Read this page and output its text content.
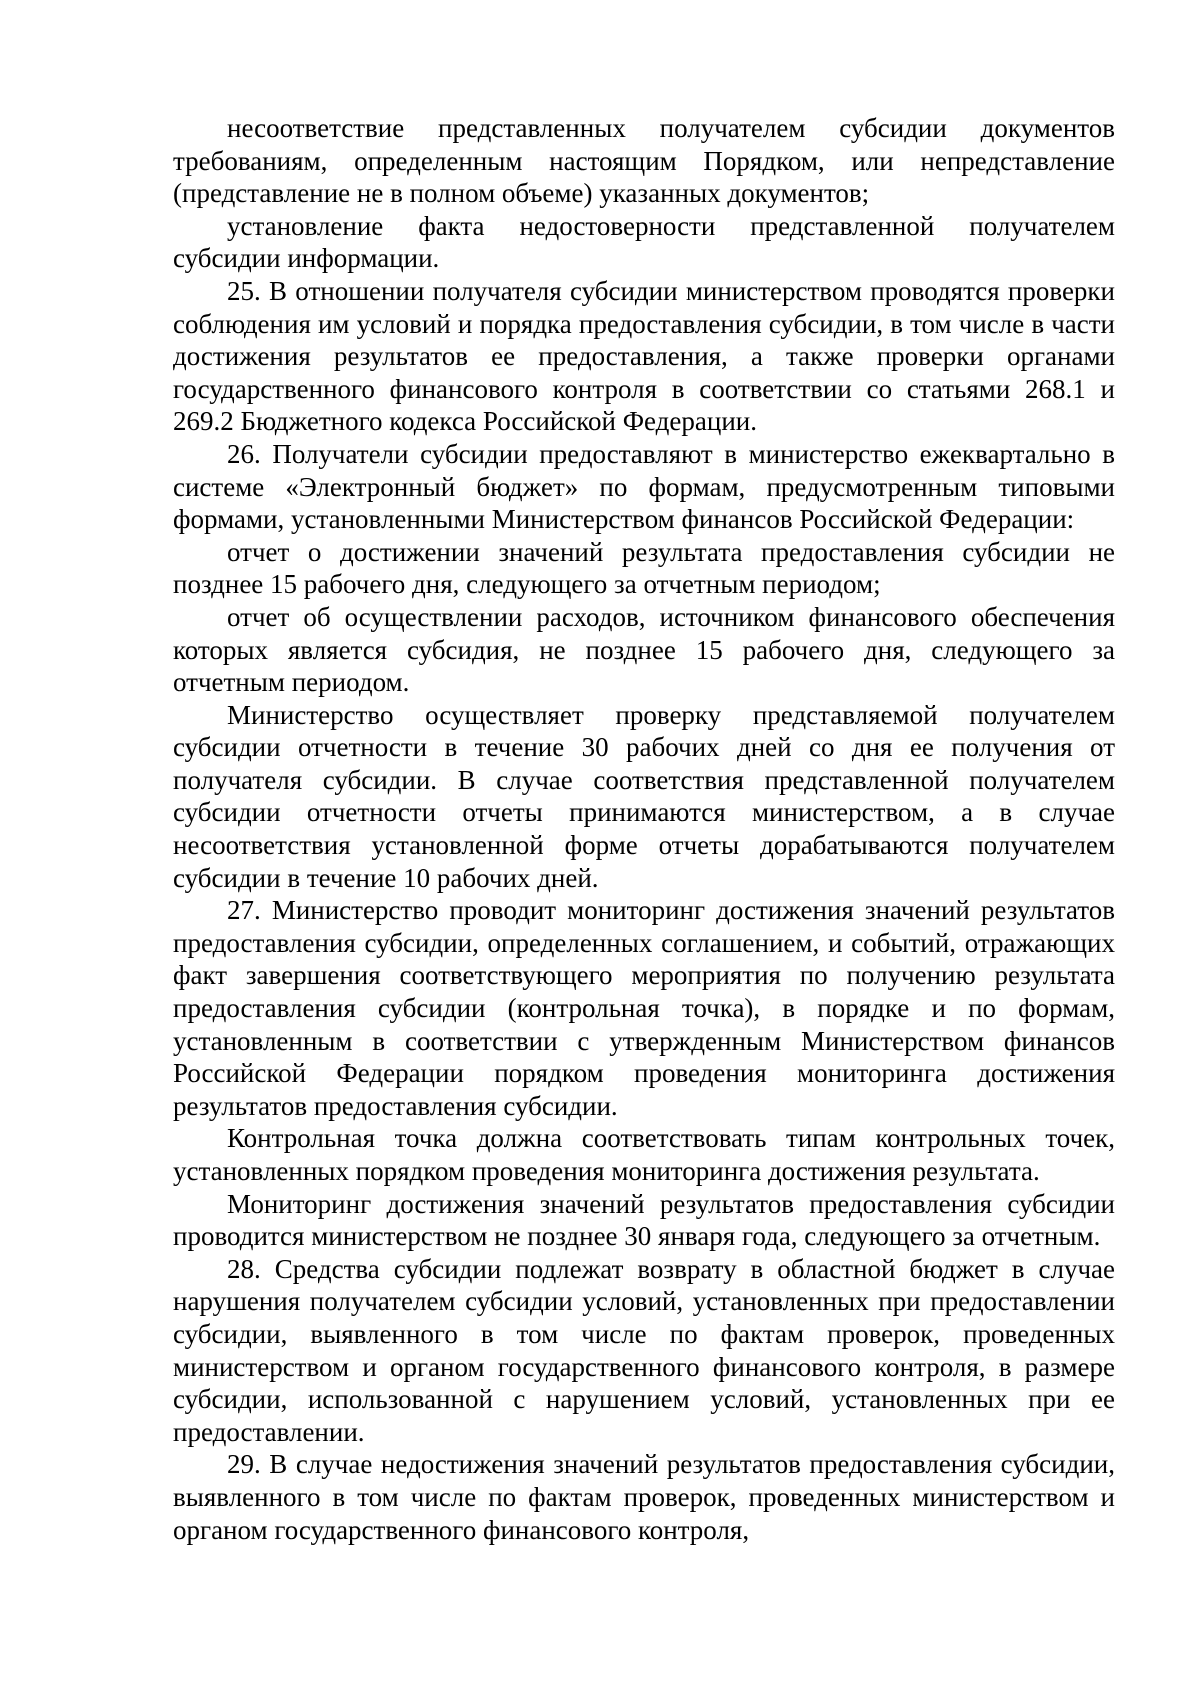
несоответствие представленных получателем субсидии документов требованиям, определенным настоящим Порядком, или непредставление (представление не в полном объеме) указанных документов;

установление факта недостоверности представленной получателем субсидии информации.

25. В отношении получателя субсидии министерством проводятся проверки соблюдения им условий и порядка предоставления субсидии, в том числе в части достижения результатов ее предоставления, а также проверки органами государственного финансового контроля в соответствии со статьями 268.1 и 269.2 Бюджетного кодекса Российской Федерации.

26. Получатели субсидии предоставляют в министерство ежеквартально в системе «Электронный бюджет» по формам, предусмотренным типовыми формами, установленными Министерством финансов Российской Федерации:

отчет о достижении значений результата предоставления субсидии не позднее 15 рабочего дня, следующего за отчетным периодом;

отчет об осуществлении расходов, источником финансового обеспечения которых является субсидия, не позднее 15 рабочего дня, следующего за отчетным периодом.

Министерство осуществляет проверку представляемой получателем субсидии отчетности в течение 30 рабочих дней со дня ее получения от получателя субсидии. В случае соответствия представленной получателем субсидии отчетности отчеты принимаются министерством, а в случае несоответствия установленной форме отчеты дорабатываются получателем субсидии в течение 10 рабочих дней.

27. Министерство проводит мониторинг достижения значений результатов предоставления субсидии, определенных соглашением, и событий, отражающих факт завершения соответствующего мероприятия по получению результата предоставления субсидии (контрольная точка), в порядке и по формам, установленным в соответствии с утвержденным Министерством финансов Российской Федерации порядком проведения мониторинга достижения результатов предоставления субсидии.

Контрольная точка должна соответствовать типам контрольных точек, установленных порядком проведения мониторинга достижения результата.

Мониторинг достижения значений результатов предоставления субсидии проводится министерством не позднее 30 января года, следующего за отчетным.

28. Средства субсидии подлежат возврату в областной бюджет в случае нарушения получателем субсидии условий, установленных при предоставлении субсидии, выявленного в том числе по фактам проверок, проведенных министерством и органом государственного финансового контроля, в размере субсидии, использованной с нарушением условий, установленных при ее предоставлении.

29. В случае недостижения значений результатов предоставления субсидии, выявленного в том числе по фактам проверок, проведенных министерством и органом государственного финансового контроля,
